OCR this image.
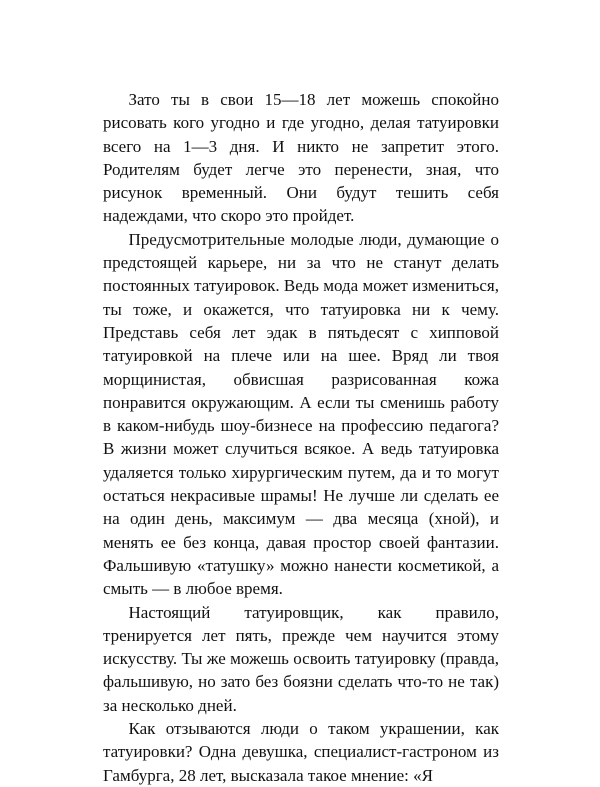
Зато ты в свои 15—18 лет можешь спокойно рисовать кого угодно и где угодно, делая татуировки всего на 1—3 дня. И никто не запретит этого. Родителям будет легче это перенести, зная, что рисунок временный. Они будут тешить себя надеждами, что скоро это пройдет.

Предусмотрительные молодые люди, думающие о предстоящей карьере, ни за что не станут делать постоянных татуировок. Ведь мода может измениться, ты тоже, и окажется, что татуировка ни к чему. Представь себя лет эдак в пятьдесят с хипповой татуировкой на плече или на шее. Вряд ли твоя морщинистая, обвисшая разрисованная кожа понравится окружающим. А если ты сменишь работу в каком-нибудь шоу-бизнесе на профессию педагога? В жизни может случиться всякое. А ведь татуировка удаляется только хирургическим путем, да и то могут остаться некрасивые шрамы! Не лучше ли сделать ее на один день, максимум — два месяца (хной), и менять ее без конца, давая простор своей фантазии. Фальшивую «татушку» можно нанести косметикой, а смыть — в любое время.

Настоящий татуировщик, как правило, тренируется лет пять, прежде чем научится этому искусству. Ты же можешь освоить татуировку (правда, фальшивую, но зато без боязни сделать что-то не так) за несколько дней.

Как отзываются люди о таком украшении, как татуировки? Одна девушка, специалист-гастроном из Гамбурга, 28 лет, высказала такое мнение: «Я
